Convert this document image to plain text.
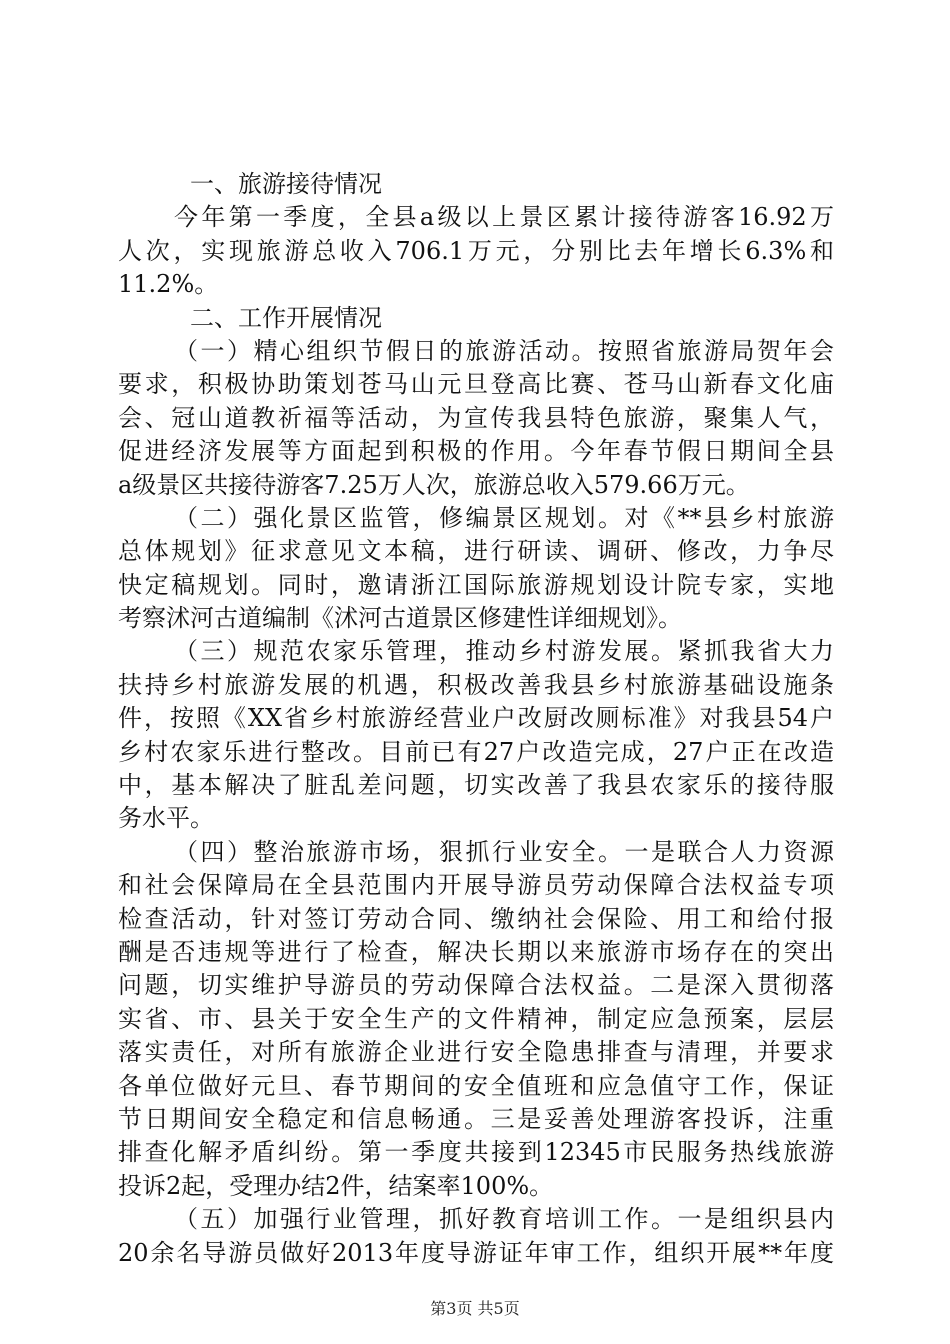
一、旅游接待情况
今年第一季度，全县a级以上景区累计接待游客16.92万
人次，实现旅游总收入706.1万元，分别比去年增长6.3%和
11.2%。
二、工作开展情况
（一）精心组织节假日的旅游活动。按照省旅游局贺年会
要求，积极协助策划苍马山元旦登高比赛、苍马山新春文化庙
会、冠山道教祈福等活动，为宣传我县特色旅游，聚集人气，
促进经济发展等方面起到积极的作用。今年春节假日期间全县
a级景区共接待游客7.25万人次，旅游总收入579.66万元。
（二）强化景区监管，修编景区规划。对《**县乡村旅游
总体规划》征求意见文本稿，进行研读、调研、修改，力争尽
快定稿规划。同时，邀请浙江国际旅游规划设计院专家，实地
考察沭河古道编制《沭河古道景区修建性详细规划》。
（三）规范农家乐管理，推动乡村游发展。紧抓我省大力
扶持乡村旅游发展的机遇，积极改善我县乡村旅游基础设施条
件，按照《XX省乡村旅游经营业户改厨改厕标准》对我县54户
乡村农家乐进行整改。目前已有27户改造完成，27户正在改造
中，基本解决了脏乱差问题，切实改善了我县农家乐的接待服
务水平。
（四）整治旅游市场，狠抓行业安全。一是联合人力资源
和社会保障局在全县范围内开展导游员劳动保障合法权益专项
检查活动，针对签订劳动合同、缴纳社会保险、用工和给付报
酬是否违规等进行了检查，解决长期以来旅游市场存在的突出
问题，切实维护导游员的劳动保障合法权益。二是深入贯彻落
实省、市、县关于安全生产的文件精神，制定应急预案，层层
落实责任，对所有旅游企业进行安全隐患排查与清理，并要求
各单位做好元旦、春节期间的安全值班和应急值守工作，保证
节日期间安全稳定和信息畅通。三是妥善处理游客投诉，注重
排查化解矛盾纠纷。第一季度共接到12345市民服务热线旅游
投诉2起，受理办结2件，结案率100%。
（五）加强行业管理，抓好教育培训工作。一是组织县内
20余名导游员做好2013年度导游证年审工作，组织开展**年度
第3页 共5页
